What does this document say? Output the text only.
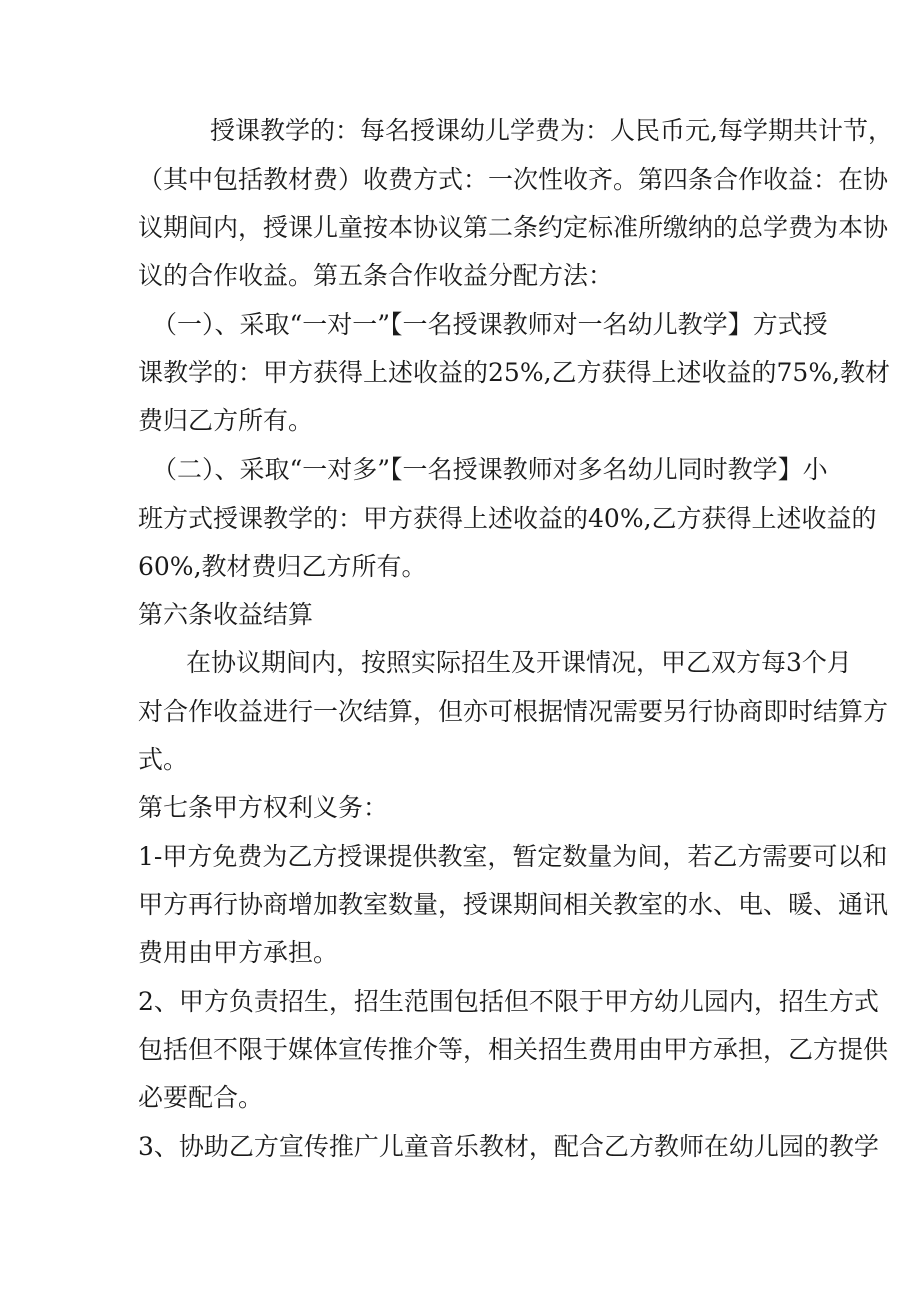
授课教学的：每名授课幼儿学费为：人民币元,每学期共计节，
（其中包括教材费）收费方式：一次性收齐。第四条合作收益：在协
议期间内，授课儿童按本协议第二条约定标准所缴纳的总学费为本协
议的合作收益。第五条合作收益分配方法：
（一）、采取“一对一”【一名授课教师对一名幼儿教学】方式授
课教学的：甲方获得上述收益的25%,乙方获得上述收益的75%,教材
费归乙方所有。
（二）、采取“一对多”【一名授课教师对多名幼儿同时教学】小
班方式授课教学的：甲方获得上述收益的40%,乙方获得上述收益的
60%,教材费归乙方所有。
第六条收益结算
在协议期间内，按照实际招生及开课情况，甲乙双方每3个月
对合作收益进行一次结算，但亦可根据情况需要另行协商即时结算方
式。
第七条甲方权利义务：
1-甲方免费为乙方授课提供教室，暂定数量为间，若乙方需要可以和
甲方再行协商增加教室数量，授课期间相关教室的水、电、暖、通讯
费用由甲方承担。
2、甲方负责招生，招生范围包括但不限于甲方幼儿园内，招生方式
包括但不限于媒体宣传推介等，相关招生费用由甲方承担，乙方提供
必要配合。
3、协助乙方宣传推广儿童音乐教材，配合乙方教师在幼儿园的教学
